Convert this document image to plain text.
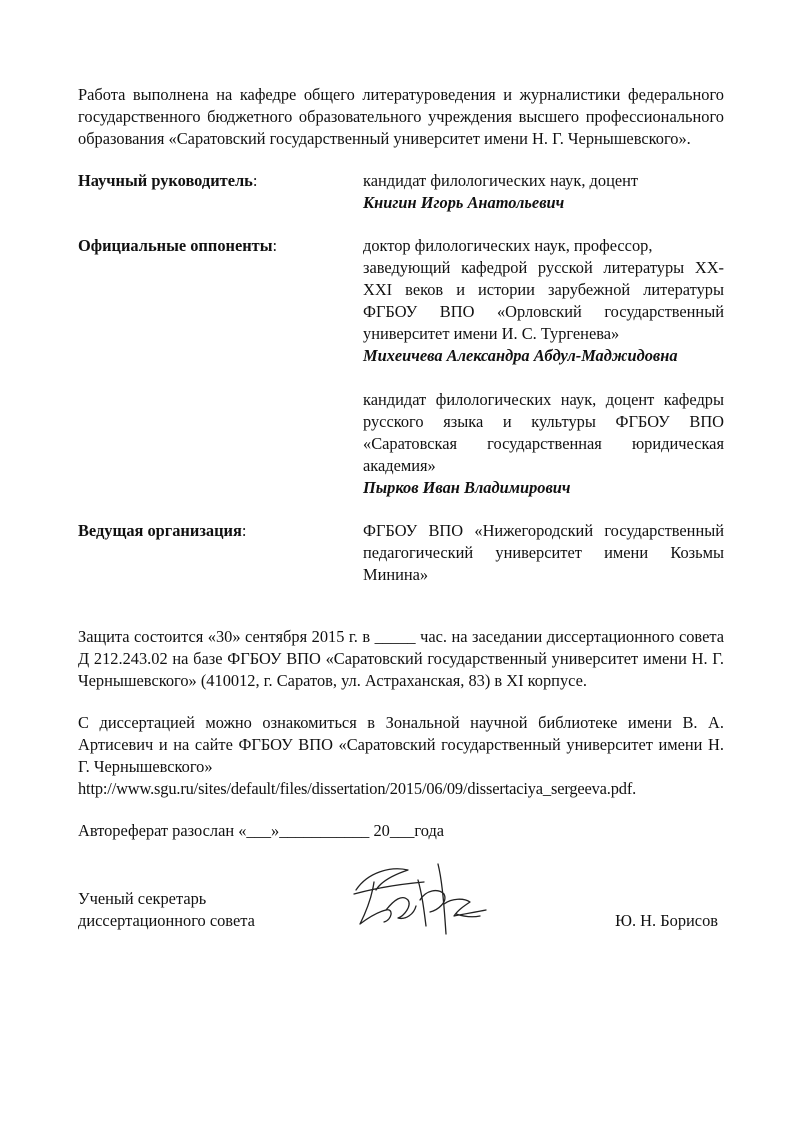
Работа выполнена на кафедре общего литературоведения и журналистики федерального государственного бюджетного образовательного учреждения высшего профессионального образования «Саратовский государственный университет имени Н. Г. Чернышевского».

Научный руководитель:	кандидат филологических наук, доцент

Книгин Игорь Анатольевич

Официальные оппоненты:	доктор филологических наук, профессор,

заведующий кафедрой русской литературы XX-XXI веков и истории зарубежной литературы ФГБОУ ВПО «Орловский государственный университет имени И. С. Тургенева»

Михеичева Александра Абдул-Маджидовна

кандидат филологических наук, доцент кафедры русского языка и культуры ФГБОУ ВПО «Саратовская государственная юридическая академия»

Пырков Иван Владимирович

Ведущая организация:	ФГБОУ ВПО «Нижегородский государственный педагогический университет имени Козьмы Минина»

Защита состоится «30» сентября 2015 г. в _____ час. на заседании диссертационного совета Д 212.243.02 на базе ФГБОУ ВПО «Саратовский государственный университет имени Н. Г. Чернышевского» (410012, г. Саратов, ул. Астраханская, 83) в XI корпусе.

С диссертацией можно ознакомиться в Зональной научной библиотеке имени В. А. Артисевич и на сайте ФГБОУ ВПО «Саратовский государственный университет имени Н. Г. Чернышевского»

http://www.sgu.ru/sites/default/files/dissertation/2015/06/09/dissertaciya_sergeeva.pdf.

Автореферат разослан «___»___________ 20___года

Ученый секретарь
диссертационного совета	Ю. Н. Борисов
